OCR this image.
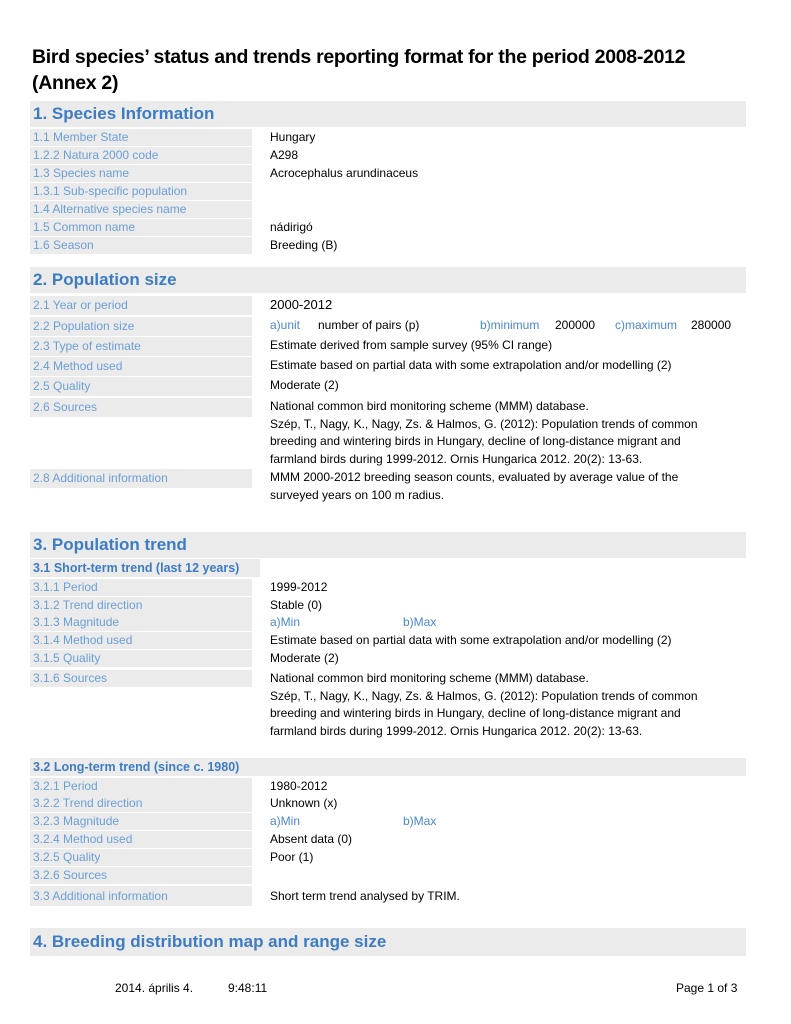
Bird species’ status and trends reporting format for the period 2008-2012
(Annex 2)
1. Species Information
1.1 Member State	Hungary
1.2.2 Natura 2000 code	A298
1.3 Species name	Acrocephalus arundinaceus
1.3.1 Sub-specific population
1.4 Alternative species name
1.5 Common name	nádirigó
1.6 Season	Breeding (B)
2. Population size
2.1 Year or period	2000-2012
2.2 Population size	a)unit number of pairs (p)	b)minimum 200000 c)maximum 280000
2.3 Type of estimate	Estimate derived from sample survey (95% CI range)
2.4 Method used	Estimate based on partial data with some extrapolation and/or modelling (2)
2.5 Quality	Moderate (2)
2.6 Sources	National common bird monitoring scheme (MMM) database.
Szép, T., Nagy, K., Nagy, Zs. & Halmos, G. (2012): Population trends of common
breeding and wintering birds in Hungary, decline of long-distance migrant and
farmland birds during 1999-2012. Ornis Hungarica 2012. 20(2): 13-63.
2.8 Additional information	MMM 2000-2012 breeding season counts, evaluated by average value of the
surveyed years on 100 m radius.
3. Population trend
3.1 Short-term trend (last 12 years)
3.1.1 Period	1999-2012
3.1.2 Trend direction	Stable (0)
3.1.3 Magnitude	a)Min	b)Max
3.1.4 Method used	Estimate based on partial data with some extrapolation and/or modelling (2)
3.1.5 Quality	Moderate (2)
3.1.6 Sources	National common bird monitoring scheme (MMM) database.
Szép, T., Nagy, K., Nagy, Zs. & Halmos, G. (2012): Population trends of common
breeding and wintering birds in Hungary, decline of long-distance migrant and
farmland birds during 1999-2012. Ornis Hungarica 2012. 20(2): 13-63.
3.2 Long-term trend (since c. 1980)
3.2.1 Period	1980-2012
3.2.2 Trend direction	Unknown (x)
3.2.3 Magnitude	a)Min	b)Max
3.2.4 Method used	Absent data (0)
3.2.5 Quality	Poor (1)
3.2.6 Sources
3.3 Additional information	Short term trend analysed by TRIM.
4. Breeding distribution map and range size
2014. április 4.	9:48:11	Page 1 of 3
